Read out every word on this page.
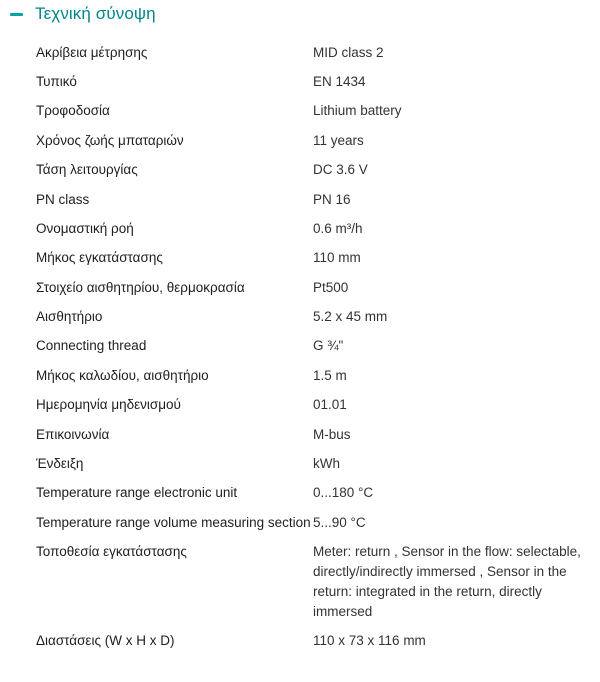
Τεχνική σύνοψη
Ακρίβεια μέτρησης	MID class 2
Τυπικό	EN 1434
Τροφοδοσία	Lithium battery
Χρόνος ζωής μπαταριών	11 years
Τάση λειτουργίας	DC 3.6 V
PN class	PN 16
Ονομαστική ροή	0.6 m³/h
Μήκος εγκατάστασης	110 mm
Στοιχείο αισθητηρίου, θερμοκρασία	Pt500
Αισθητήριο	5.2 x 45 mm
Connecting thread	G ¾"
Μήκος καλωδίου, αισθητήριο	1.5 m
Ημερομηνία μηδενισμού	01.01
Επικοινωνία	M-bus
Ένδειξη	kWh
Temperature range electronic unit	0...180 °C
Temperature range volume measuring section	5...90 °C
Τοποθεσία εγκατάστασης	Meter: return , Sensor in the flow: selectable, directly/indirectly immersed , Sensor in the return: integrated in the return, directly immersed
Διαστάσεις (W x H x D)	110 x 73 x 116 mm
